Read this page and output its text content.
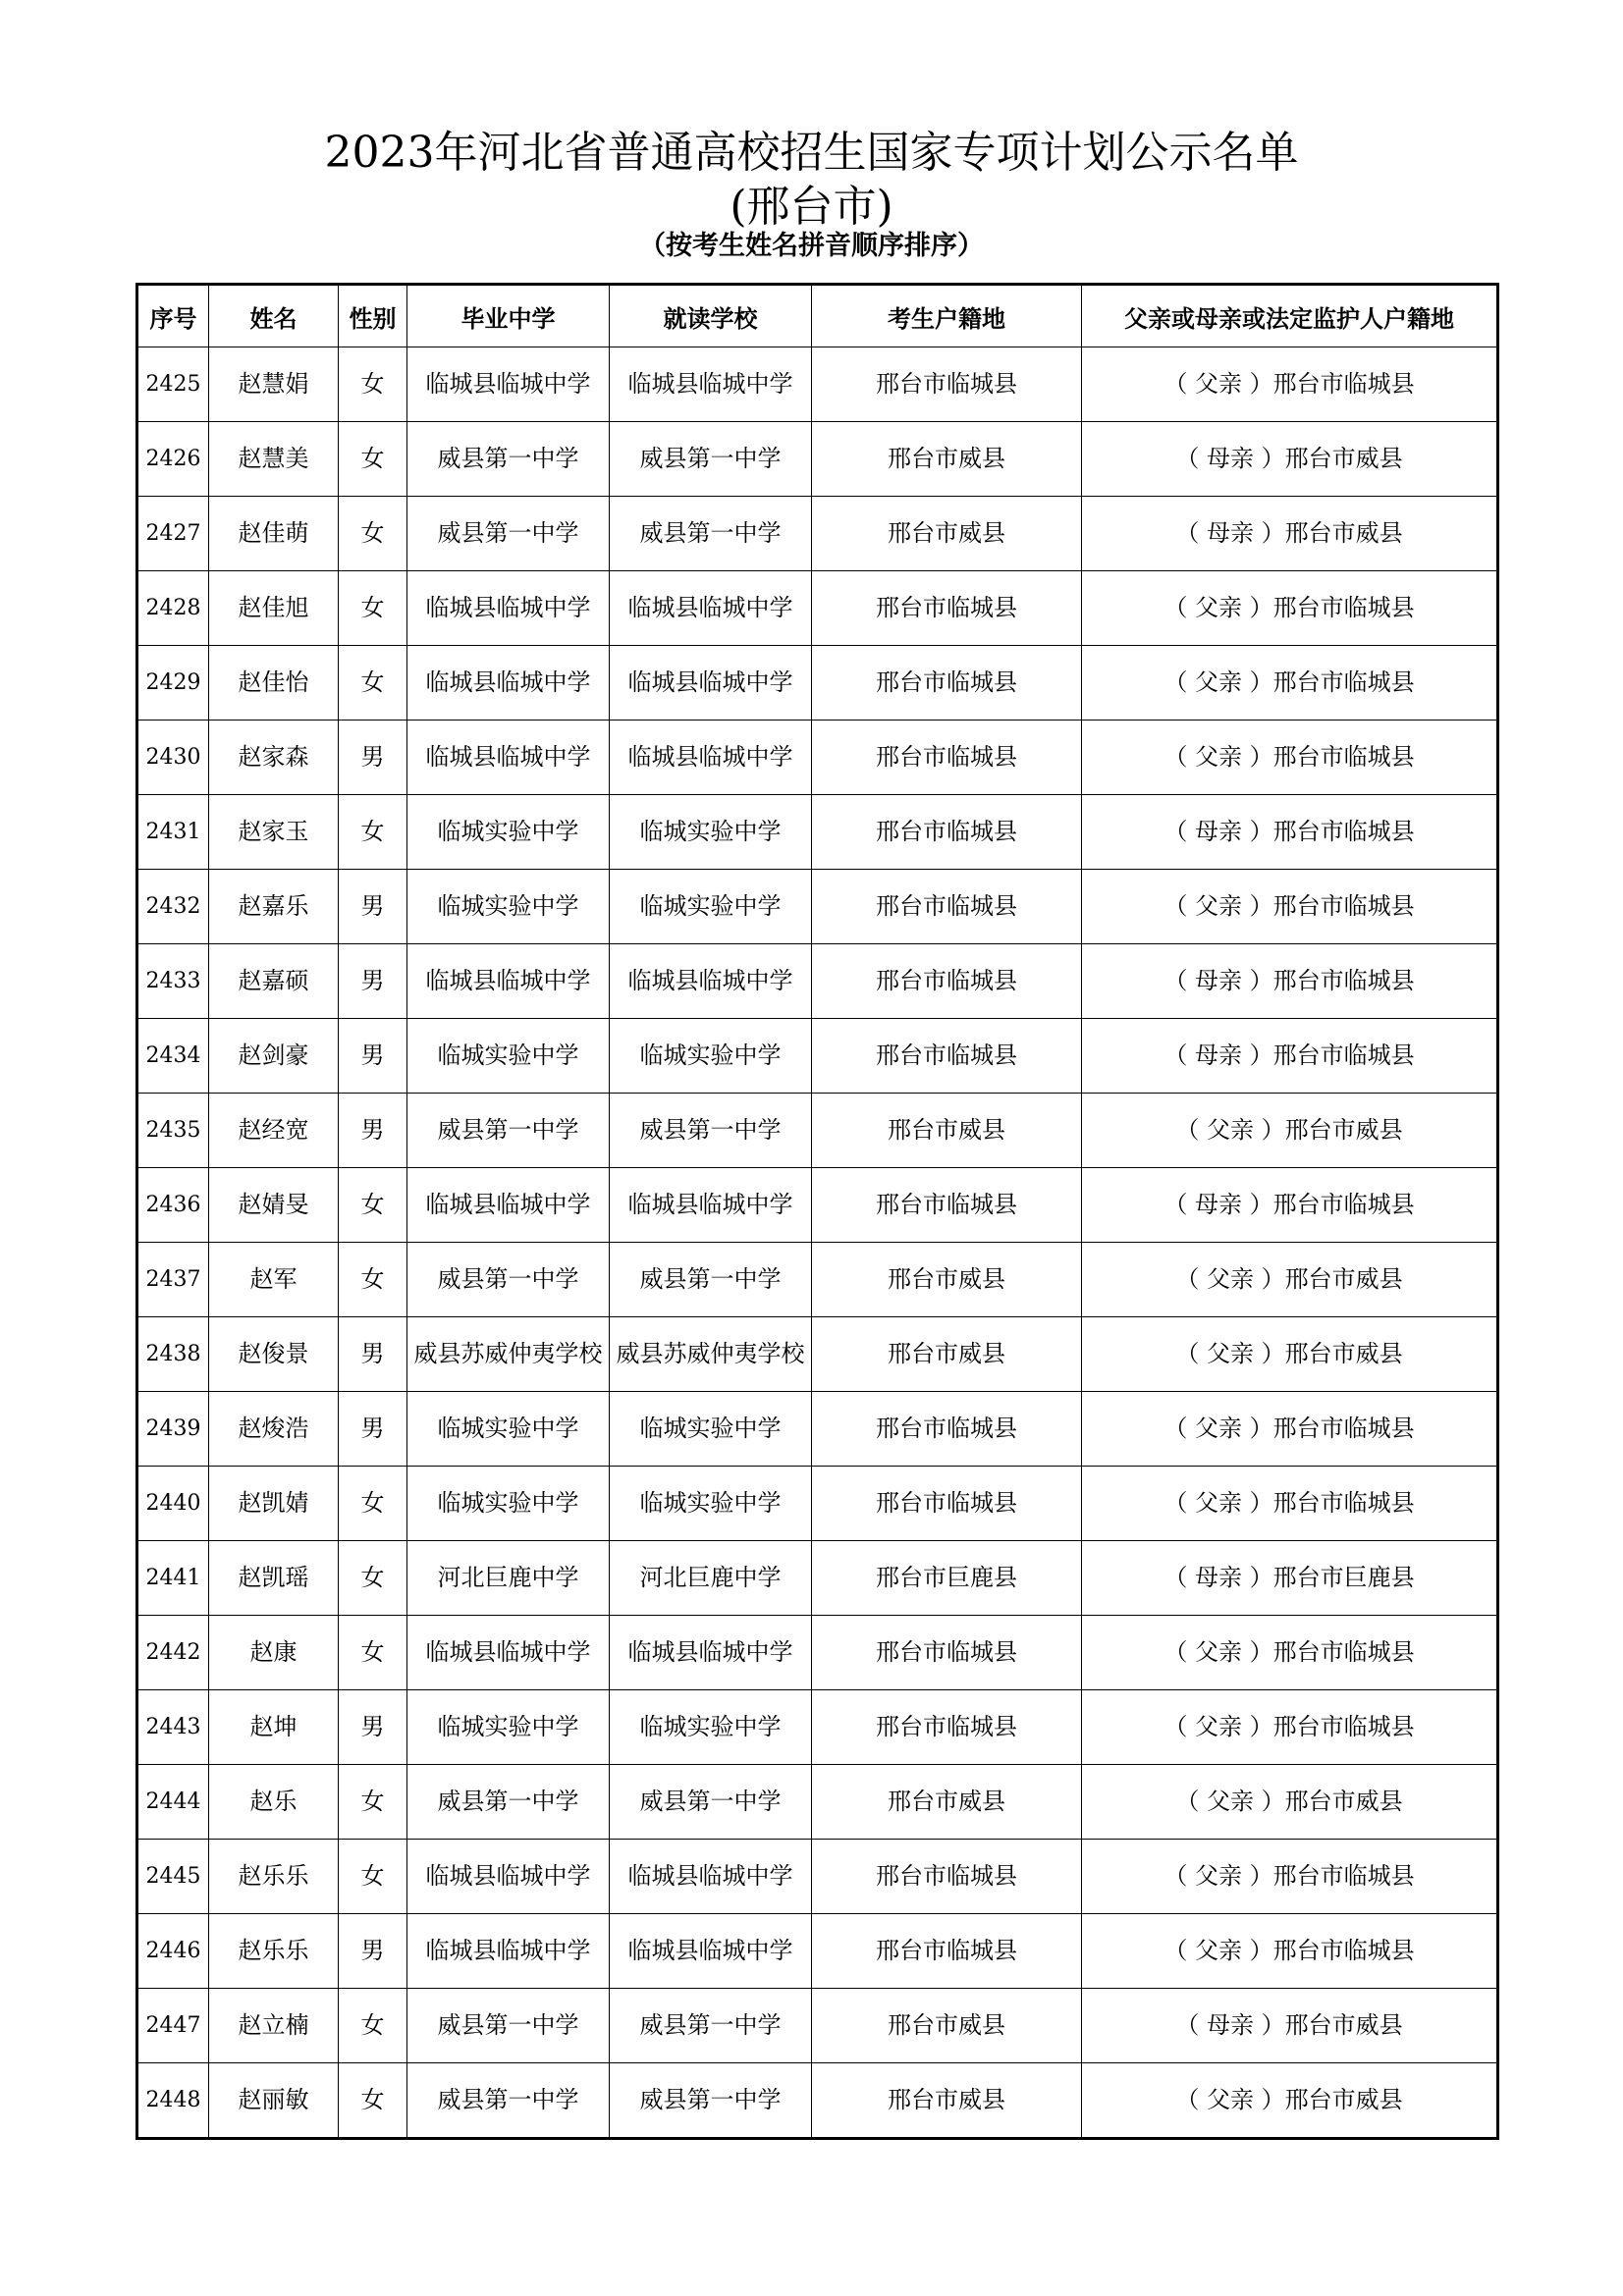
2023年河北省普通高校招生国家专项计划公示名单
(邢台市)
（按考生姓名拼音顺序排序）
序号	姓名	性别	毕业中学	就读学校	考生户籍地	父亲或母亲或法定监护人户籍地
2425	赵慧娟	女	临城县临城中学	临城县临城中学	邢台市临城县	（ 父亲 ）邢台市临城县
2426	赵慧美	女	威县第一中学	威县第一中学	邢台市威县	（ 母亲 ）邢台市威县
2427	赵佳萌	女	威县第一中学	威县第一中学	邢台市威县	（ 母亲 ）邢台市威县
2428	赵佳旭	女	临城县临城中学	临城县临城中学	邢台市临城县	（ 父亲 ）邢台市临城县
2429	赵佳怡	女	临城县临城中学	临城县临城中学	邢台市临城县	（ 父亲 ）邢台市临城县
2430	赵家森	男	临城县临城中学	临城县临城中学	邢台市临城县	（ 父亲 ）邢台市临城县
2431	赵家玉	女	临城实验中学	临城实验中学	邢台市临城县	（ 母亲 ）邢台市临城县
2432	赵嘉乐	男	临城实验中学	临城实验中学	邢台市临城县	（ 父亲 ）邢台市临城县
2433	赵嘉硕	男	临城县临城中学	临城县临城中学	邢台市临城县	（ 母亲 ）邢台市临城县
2434	赵剑豪	男	临城实验中学	临城实验中学	邢台市临城县	（ 母亲 ）邢台市临城县
2435	赵经宽	男	威县第一中学	威县第一中学	邢台市威县	（ 父亲 ）邢台市威县
2436	赵婧旻	女	临城县临城中学	临城县临城中学	邢台市临城县	（ 母亲 ）邢台市临城县
2437	赵军	女	威县第一中学	威县第一中学	邢台市威县	（ 父亲 ）邢台市威县
2438	赵俊景	男	威县苏威仲夷学校	威县苏威仲夷学校	邢台市威县	（ 父亲 ）邢台市威县
2439	赵焌浩	男	临城实验中学	临城实验中学	邢台市临城县	（ 父亲 ）邢台市临城县
2440	赵凯婧	女	临城实验中学	临城实验中学	邢台市临城县	（ 父亲 ）邢台市临城县
2441	赵凯瑶	女	河北巨鹿中学	河北巨鹿中学	邢台市巨鹿县	（ 母亲 ）邢台市巨鹿县
2442	赵康	女	临城县临城中学	临城县临城中学	邢台市临城县	（ 父亲 ）邢台市临城县
2443	赵坤	男	临城实验中学	临城实验中学	邢台市临城县	（ 父亲 ）邢台市临城县
2444	赵乐	女	威县第一中学	威县第一中学	邢台市威县	（ 父亲 ）邢台市威县
2445	赵乐乐	女	临城县临城中学	临城县临城中学	邢台市临城县	（ 父亲 ）邢台市临城县
2446	赵乐乐	男	临城县临城中学	临城县临城中学	邢台市临城县	（ 父亲 ）邢台市临城县
2447	赵立楠	女	威县第一中学	威县第一中学	邢台市威县	（ 母亲 ）邢台市威县
2448	赵丽敏	女	威县第一中学	威县第一中学	邢台市威县	（ 父亲 ）邢台市威县
